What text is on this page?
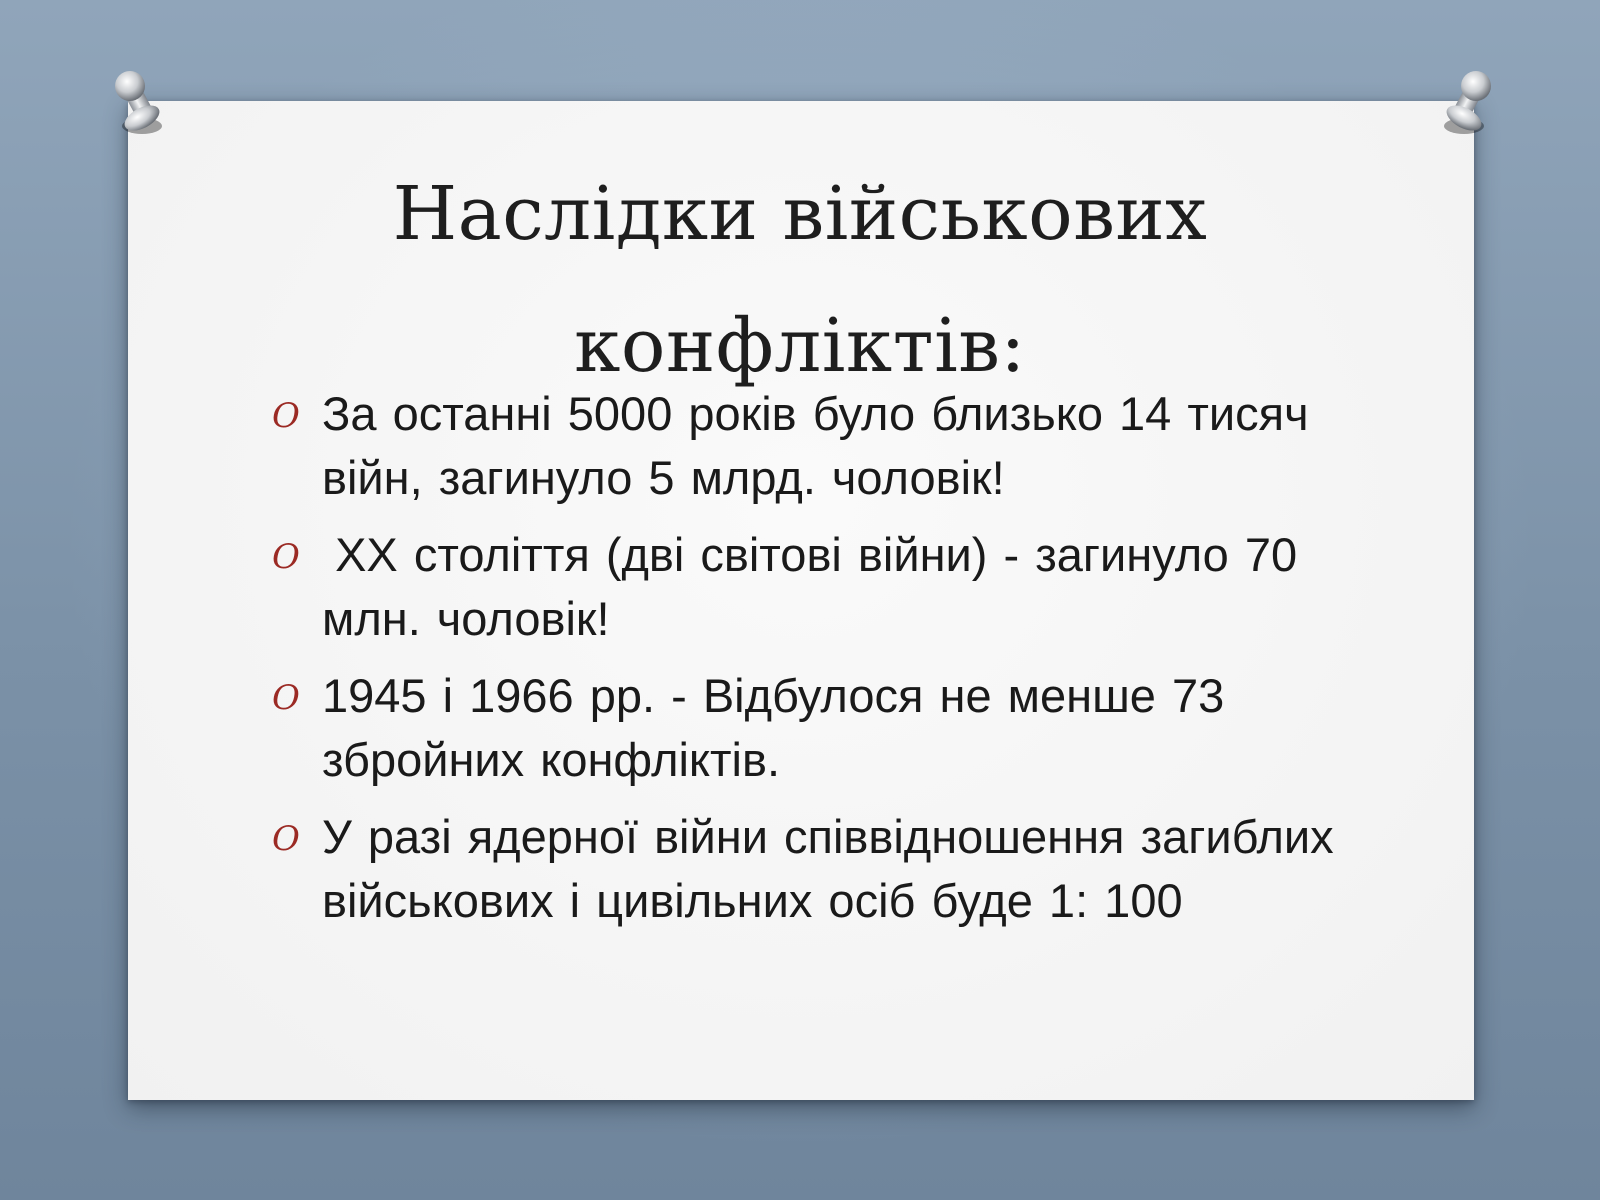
Наслідки військових
конфліктів:
O За останні 5000 років було близько 14 тисяч війн, загинуло 5 млрд. чоловік!
O XX століття (дві світові війни) - загинуло 70 млн. чоловік!
O 1945 і 1966 рр. - Відбулося не менше 73 збройних конфліктів.
O У разі ядерної війни співвідношення загиблих військових і цивільних осіб буде 1: 100
